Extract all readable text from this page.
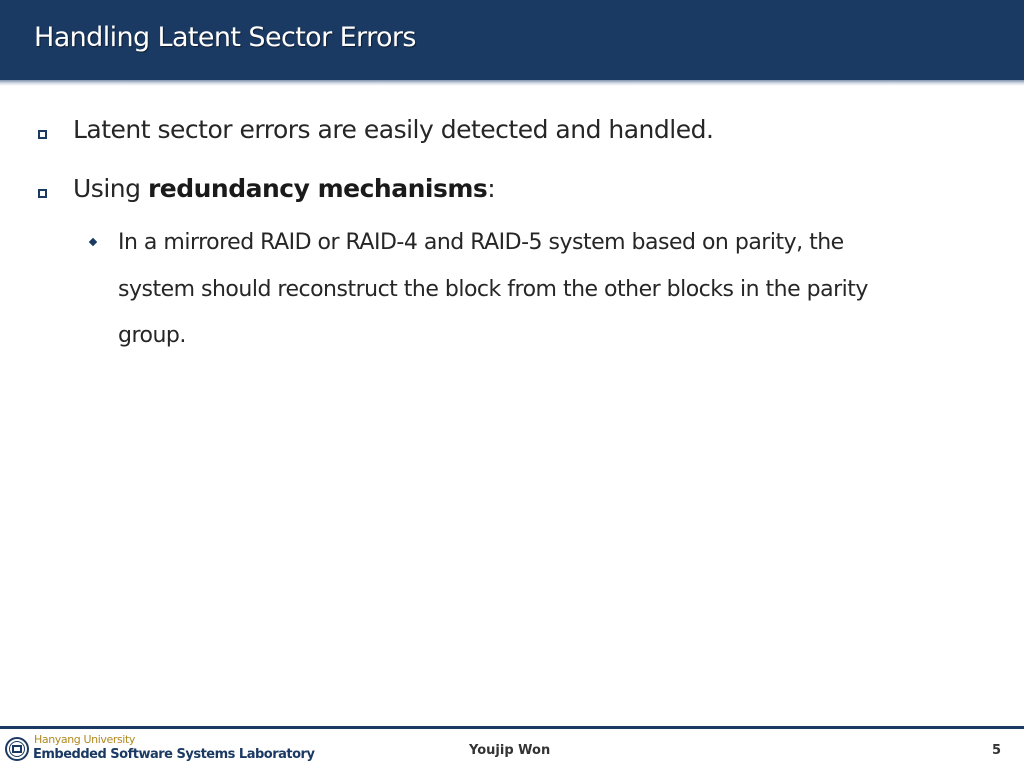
Handling Latent Sector Errors
Latent sector errors are easily detected and handled.
Using redundancy mechanisms:
In a mirrored RAID or RAID-4 and RAID-5 system based on parity, the
system should reconstruct the block from the other blocks in the parity
group.
Hanyang University
Embedded Software Systems Laboratory	Youjip Won	5
